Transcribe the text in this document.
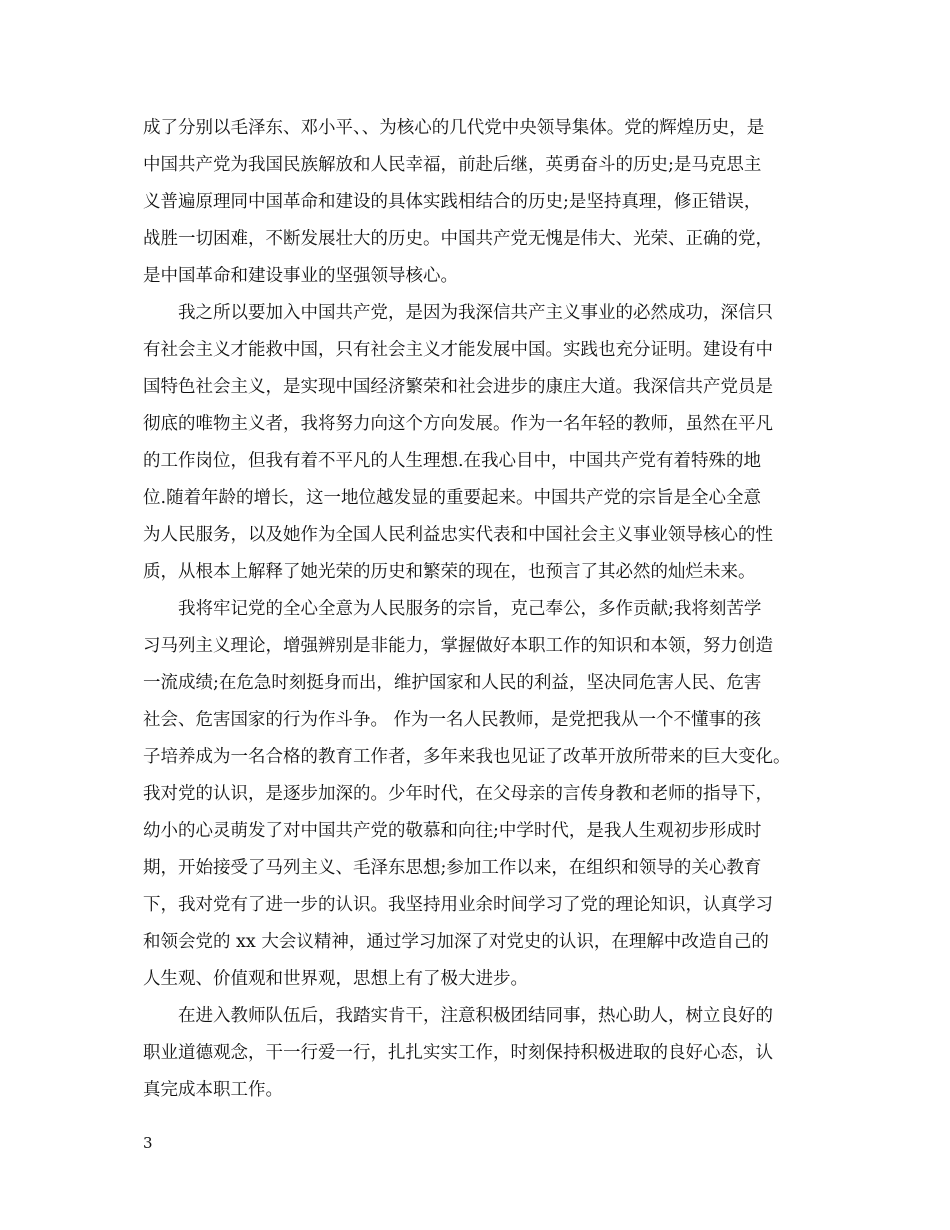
成了分别以毛泽东、邓小平、、为核心的几代党中央领导集体。党的辉煌历史，是
中国共产党为我国民族解放和人民幸福，前赴后继，英勇奋斗的历史;是马克思主
义普遍原理同中国革命和建设的具体实践相结合的历史;是坚持真理，修正错误，
战胜一切困难，不断发展壮大的历史。中国共产党无愧是伟大、光荣、正确的党，
是中国革命和建设事业的坚强领导核心。
我之所以要加入中国共产党，是因为我深信共产主义事业的必然成功，深信只
有社会主义才能救中国，只有社会主义才能发展中国。实践也充分证明。建设有中
国特色社会主义，是实现中国经济繁荣和社会进步的康庄大道。我深信共产党员是
彻底的唯物主义者，我将努力向这个方向发展。作为一名年轻的教师，虽然在平凡
的工作岗位，但我有着不平凡的人生理想.在我心目中，中国共产党有着特殊的地
位.随着年龄的增长，这一地位越发显的重要起来。中国共产党的宗旨是全心全意
为人民服务，以及她作为全国人民利益忠实代表和中国社会主义事业领导核心的性
质，从根本上解释了她光荣的历史和繁荣的现在，也预言了其必然的灿烂未来。
我将牢记党的全心全意为人民服务的宗旨，克己奉公，多作贡献;我将刻苦学
习马列主义理论，增强辨别是非能力，掌握做好本职工作的知识和本领，努力创造
一流成绩;在危急时刻挺身而出，维护国家和人民的利益，坚决同危害人民、危害
社会、危害国家的行为作斗争。 作为一名人民教师，是党把我从一个不懂事的孩
子培养成为一名合格的教育工作者，多年来我也见证了改革开放所带来的巨大变化。
我对党的认识，是逐步加深的。少年时代，在父母亲的言传身教和老师的指导下，
幼小的心灵萌发了对中国共产党的敬慕和向往;中学时代，是我人生观初步形成时
期，开始接受了马列主义、毛泽东思想;参加工作以来，在组织和领导的关心教育
下，我对党有了进一步的认识。我坚持用业余时间学习了党的理论知识，认真学习
和领会党的 xx 大会议精神，通过学习加深了对党史的认识，在理解中改造自己的
人生观、价值观和世界观，思想上有了极大进步。
在进入教师队伍后，我踏实肯干，注意积极团结同事，热心助人，树立良好的
职业道德观念，干一行爱一行，扎扎实实工作，时刻保持积极进取的良好心态，认
真完成本职工作。
3
